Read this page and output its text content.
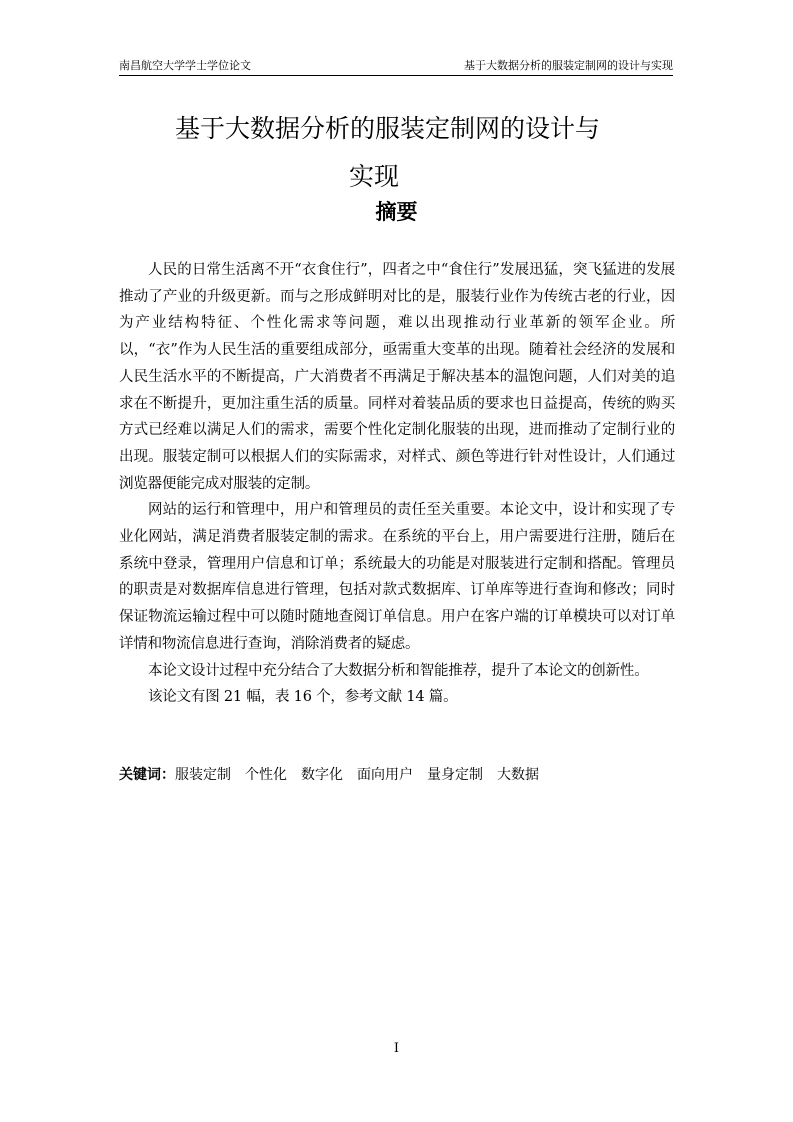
南昌航空大学学士学位论文	基于大数据分析的服装定制网的设计与实现
基于大数据分析的服装定制网的设计与
实现
摘要

人民的日常生活离不开“衣食住行”，四者之中“食住行”发展迅猛，突飞猛进的发展推动了产业的升级更新。而与之形成鲜明对比的是，服装行业作为传统古老的行业，因为产业结构特征、个性化需求等问题，难以出现推动行业革新的领军企业。所以，“衣”作为人民生活的重要组成部分，亟需重大变革的出现。随着社会经济的发展和人民生活水平的不断提高，广大消费者不再满足于解决基本的温饱问题，人们对美的追求在不断提升，更加注重生活的质量。同样对着装品质的要求也日益提高，传统的购买方式已经难以满足人们的需求，需要个性化定制化服装的出现，进而推动了定制行业的出现。服装定制可以根据人们的实际需求，对样式、颜色等进行针对性设计，人们通过浏览器便能完成对服装的定制。

网站的运行和管理中，用户和管理员的责任至关重要。本论文中，设计和实现了专业化网站，满足消费者服装定制的需求。在系统的平台上，用户需要进行注册，随后在系统中登录，管理用户信息和订单；系统最大的功能是对服装进行定制和搭配。管理员的职责是对数据库信息进行管理，包括对款式数据库、订单库等进行查询和修改；同时保证物流运输过程中可以随时随地查阅订单信息。用户在客户端的订单模块可以对订单详情和物流信息进行查询，消除消费者的疑虑。

本论文设计过程中充分结合了大数据分析和智能推荐，提升了本论文的创新性。

该论文有图 21 幅，表 16 个，参考文献 14 篇。

关键词：服装定制 个性化 数字化 面向用户 量身定制 大数据
I
